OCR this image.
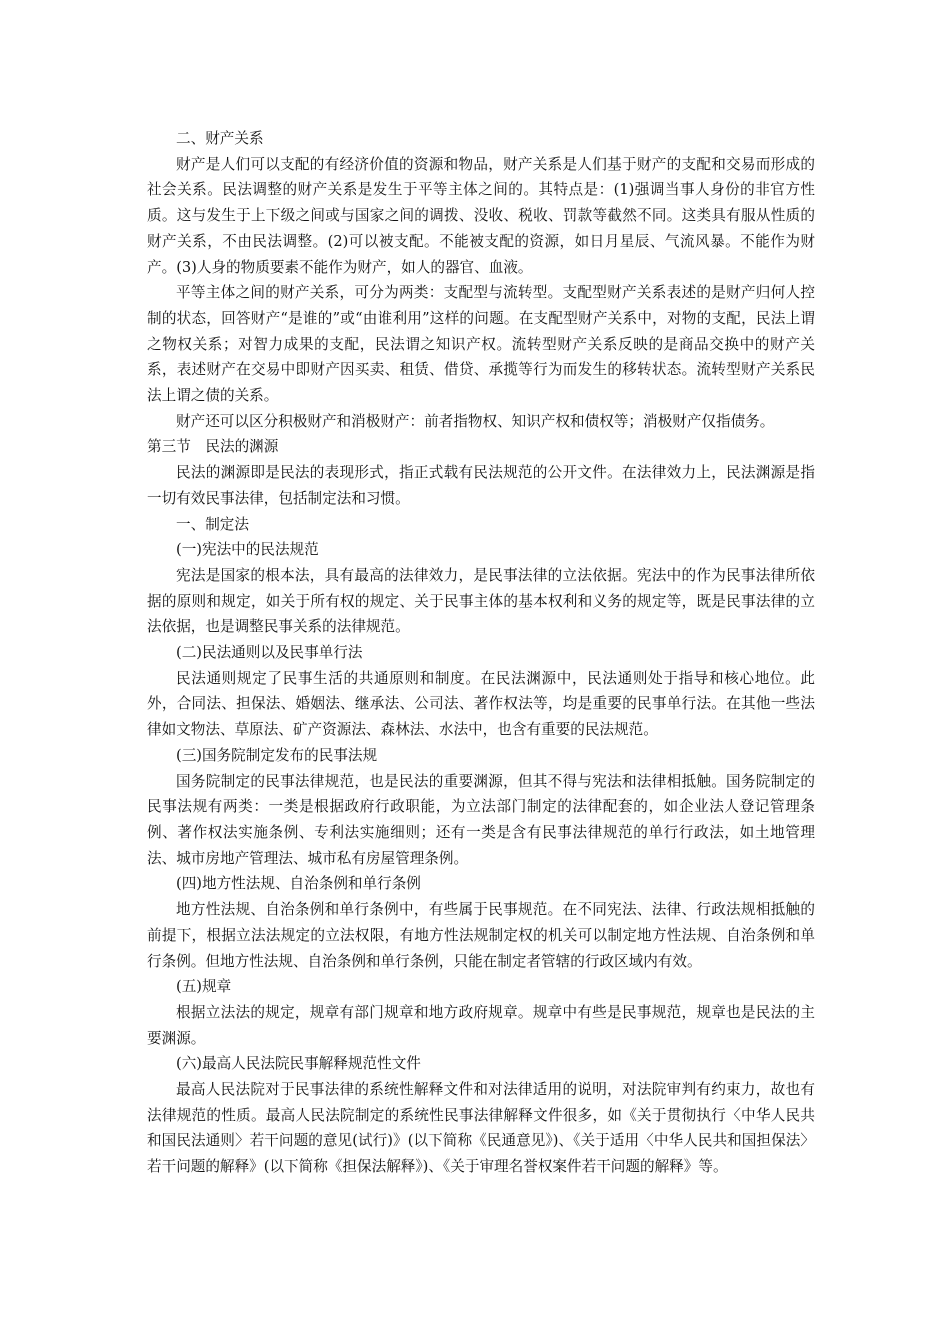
二、财产关系

财产是人们可以支配的有经济价值的资源和物品，财产关系是人们基于财产的支配和交易而形成的社会关系。民法调整的财产关系是发生于平等主体之间的。其特点是：(1)强调当事人身份的非官方性质。这与发生于上下级之间或与国家之间的调拨、没收、税收、罚款等截然不同。这类具有服从性质的财产关系，不由民法调整。(2)可以被支配。不能被支配的资源，如日月星辰、气流风暴。不能作为财产。(3)人身的物质要素不能作为财产，如人的器官、血液。

平等主体之间的财产关系，可分为两类：支配型与流转型。支配型财产关系表述的是财产归何人控制的状态，回答财产“是谁的”或“由谁利用”这样的问题。在支配型财产关系中，对物的支配，民法上谓之物权关系；对智力成果的支配，民法谓之知识产权。流转型财产关系反映的是商品交换中的财产关系，表述财产在交易中即财产因买卖、租赁、借贷、承揽等行为而发生的移转状态。流转型财产关系民法上谓之债的关系。

财产还可以区分积极财产和消极财产：前者指物权、知识产权和债权等；消极财产仅指债务。

第三节　民法的渊源

民法的渊源即是民法的表现形式，指正式载有民法规范的公开文件。在法律效力上，民法渊源是指一切有效民事法律，包括制定法和习惯。

一、制定法

(一)宪法中的民法规范

宪法是国家的根本法，具有最高的法律效力，是民事法律的立法依据。宪法中的作为民事法律所依据的原则和规定，如关于所有权的规定、关于民事主体的基本权利和义务的规定等，既是民事法律的立法依据，也是调整民事关系的法律规范。

(二)民法通则以及民事单行法

民法通则规定了民事生活的共通原则和制度。在民法渊源中，民法通则处于指导和核心地位。此外，合同法、担保法、婚姻法、继承法、公司法、著作权法等，均是重要的民事单行法。在其他一些法律如文物法、草原法、矿产资源法、森林法、水法中，也含有重要的民法规范。

(三)国务院制定发布的民事法规

国务院制定的民事法律规范，也是民法的重要渊源，但其不得与宪法和法律相抵触。国务院制定的民事法规有两类：一类是根据政府行政职能，为立法部门制定的法律配套的，如企业法人登记管理条例、著作权法实施条例、专利法实施细则；还有一类是含有民事法律规范的单行行政法，如土地管理法、城市房地产管理法、城市私有房屋管理条例。

(四)地方性法规、自治条例和单行条例

地方性法规、自治条例和单行条例中，有些属于民事规范。在不同宪法、法律、行政法规相抵触的前提下，根据立法法规定的立法权限，有地方性法规制定权的机关可以制定地方性法规、自治条例和单行条例。但地方性法规、自治条例和单行条例，只能在制定者管辖的行政区域内有效。

(五)规章

根据立法法的规定，规章有部门规章和地方政府规章。规章中有些是民事规范，规章也是民法的主要渊源。

(六)最高人民法院民事解释规范性文件

最高人民法院对于民事法律的系统性解释文件和对法律适用的说明，对法院审判有约束力，故也有法律规范的性质。最高人民法院制定的系统性民事法律解释文件很多，如《关于贯彻执行〈中华人民共和国民法通则〉若干问题的意见(试行)》(以下简称《民通意见》)、《关于适用〈中华人民共和国担保法〉若干问题的解释》(以下简称《担保法解释》)、《关于审理名誉权案件若干问题的解释》等。
